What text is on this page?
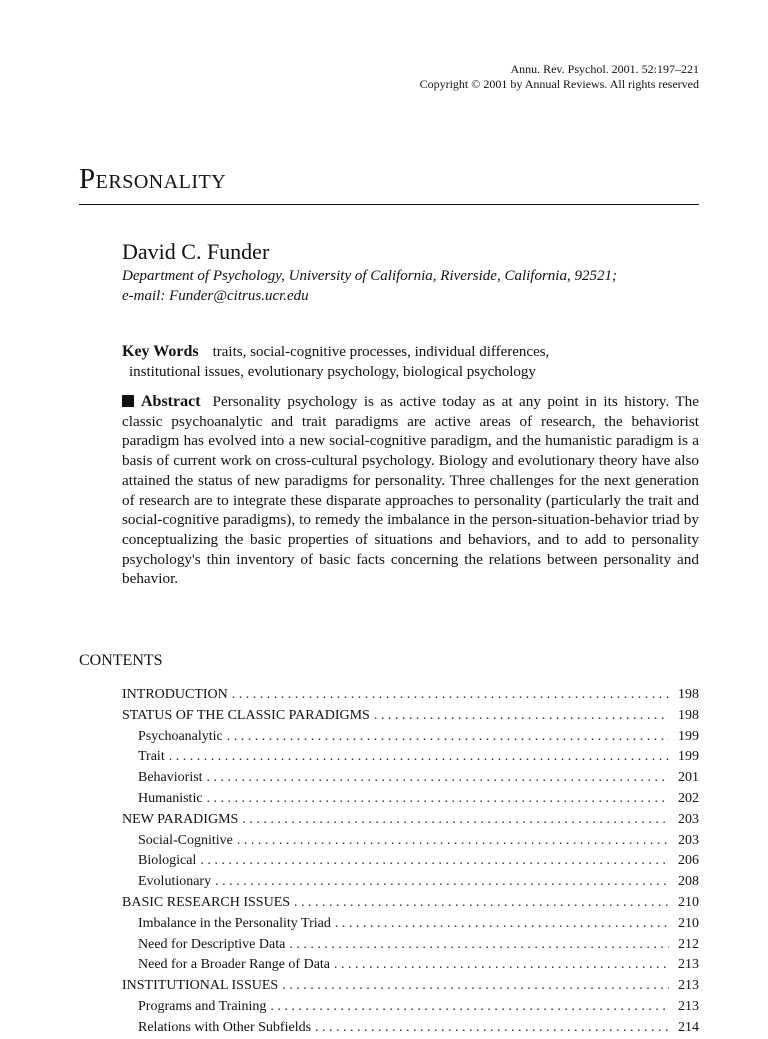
Annu. Rev. Psychol. 2001. 52:197–221
Copyright © 2001 by Annual Reviews. All rights reserved
Personality
David C. Funder
Department of Psychology, University of California, Riverside, California, 92521;
e-mail: Funder@citrus.ucr.edu
Key Words traits, social-cognitive processes, individual differences,
institutional issues, evolutionary psychology, biological psychology
Abstract Personality psychology is as active today as at any point in its history. The classic psychoanalytic and trait paradigms are active areas of research, the behaviorist paradigm has evolved into a new social-cognitive paradigm, and the humanistic paradigm is a basis of current work on cross-cultural psychology. Biology and evolutionary theory have also attained the status of new paradigms for personality. Three challenges for the next generation of research are to integrate these disparate approaches to personality (particularly the trait and social-cognitive paradigms), to remedy the imbalance in the person-situation-behavior triad by conceptualizing the basic properties of situations and behaviors, and to add to personality psychology's thin inventory of basic facts concerning the relations between personality and behavior.
CONTENTS
INTRODUCTION . . .	198
STATUS OF THE CLASSIC PARADIGMS . . .	198
Psychoanalytic . . .	199
Trait . . .	199
Behaviorist . . .	201
Humanistic . . .	202
NEW PARADIGMS . . .	203
Social-Cognitive . . .	203
Biological . . .	206
Evolutionary . . .	208
BASIC RESEARCH ISSUES . . .	210
Imbalance in the Personality Triad . . .	210
Need for Descriptive Data . . .	212
Need for a Broader Range of Data . . .	213
INSTITUTIONAL ISSUES . . .	213
Programs and Training . . .	213
Relations with Other Subfields . . .	214
